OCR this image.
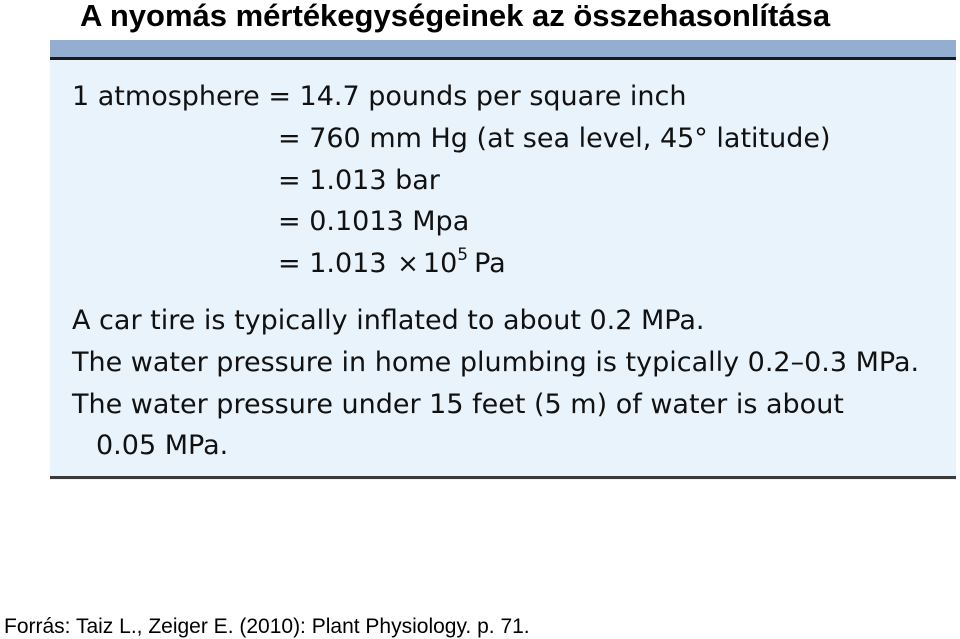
A nyomás mértékegységeinek az összehasonlítása
1 atmosphere = 14.7 pounds per square inch
= 760 mm Hg (at sea level, 45° latitude)
= 1.013 bar
= 0.1013 Mpa
= $1.013 \times 10^5$ Pa
A car tire is typically inflated to about 0.2 MPa.
The water pressure in home plumbing is typically 0.2–0.3 MPa.
The water pressure under 15 feet (5 m) of water is about
0.05 MPa.
Forrás: Taiz L., Zeiger E. (2010): Plant Physiology. p. 71.
